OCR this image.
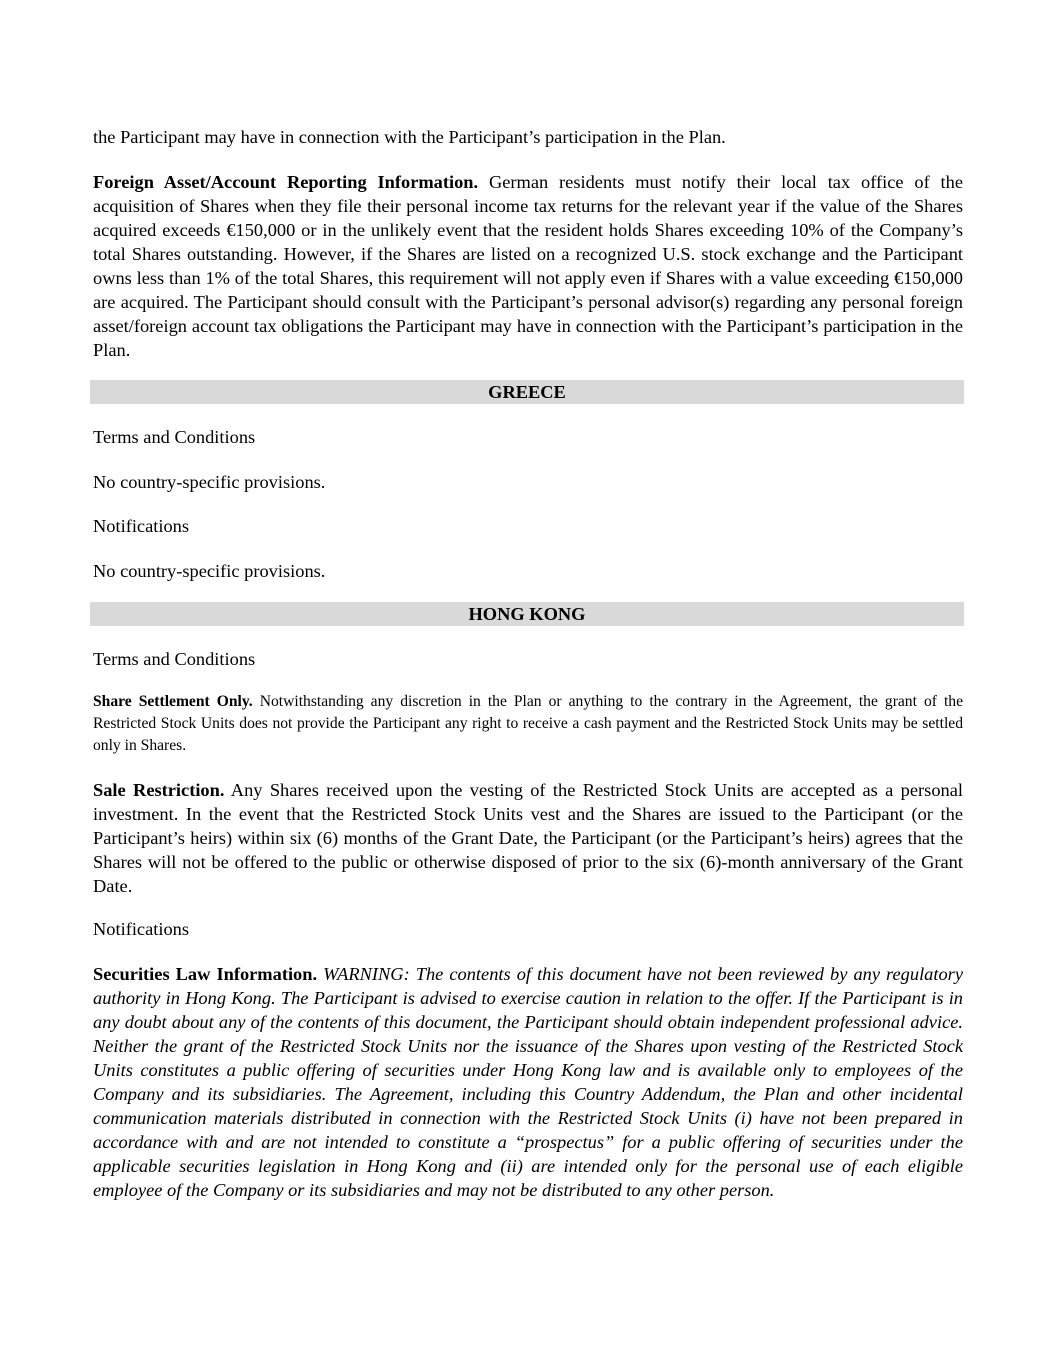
the Participant may have in connection with the Participant’s participation in the Plan.

Foreign Asset/Account Reporting Information. German residents must notify their local tax office of the acquisition of Shares when they file their personal income tax returns for the relevant year if the value of the Shares acquired exceeds €150,000 or in the unlikely event that the resident holds Shares exceeding 10% of the Company’s total Shares outstanding. However, if the Shares are listed on a recognized U.S. stock exchange and the Participant owns less than 1% of the total Shares, this requirement will not apply even if Shares with a value exceeding €150,000 are acquired. The Participant should consult with the Participant’s personal advisor(s) regarding any personal foreign asset/foreign account tax obligations the Participant may have in connection with the Participant’s participation in the Plan.

GREECE

Terms and Conditions

No country-specific provisions.

Notifications

No country-specific provisions.

HONG KONG

Terms and Conditions

Share Settlement Only. Notwithstanding any discretion in the Plan or anything to the contrary in the Agreement, the grant of the Restricted Stock Units does not provide the Participant any right to receive a cash payment and the Restricted Stock Units may be settled only in Shares.

Sale Restriction. Any Shares received upon the vesting of the Restricted Stock Units are accepted as a personal investment. In the event that the Restricted Stock Units vest and the Shares are issued to the Participant (or the Participant’s heirs) within six (6) months of the Grant Date, the Participant (or the Participant’s heirs) agrees that the Shares will not be offered to the public or otherwise disposed of prior to the six (6)-month anniversary of the Grant Date.

Notifications

Securities Law Information. WARNING: The contents of this document have not been reviewed by any regulatory authority in Hong Kong. The Participant is advised to exercise caution in relation to the offer. If the Participant is in any doubt about any of the contents of this document, the Participant should obtain independent professional advice. Neither the grant of the Restricted Stock Units nor the issuance of the Shares upon vesting of the Restricted Stock Units constitutes a public offering of securities under Hong Kong law and is available only to employees of the Company and its subsidiaries. The Agreement, including this Country Addendum, the Plan and other incidental communication materials distributed in connection with the Restricted Stock Units (i) have not been prepared in accordance with and are not intended to constitute a “prospectus” for a public offering of securities under the applicable securities legislation in Hong Kong and (ii) are intended only for the personal use of each eligible employee of the Company or its subsidiaries and may not be distributed to any other person.
